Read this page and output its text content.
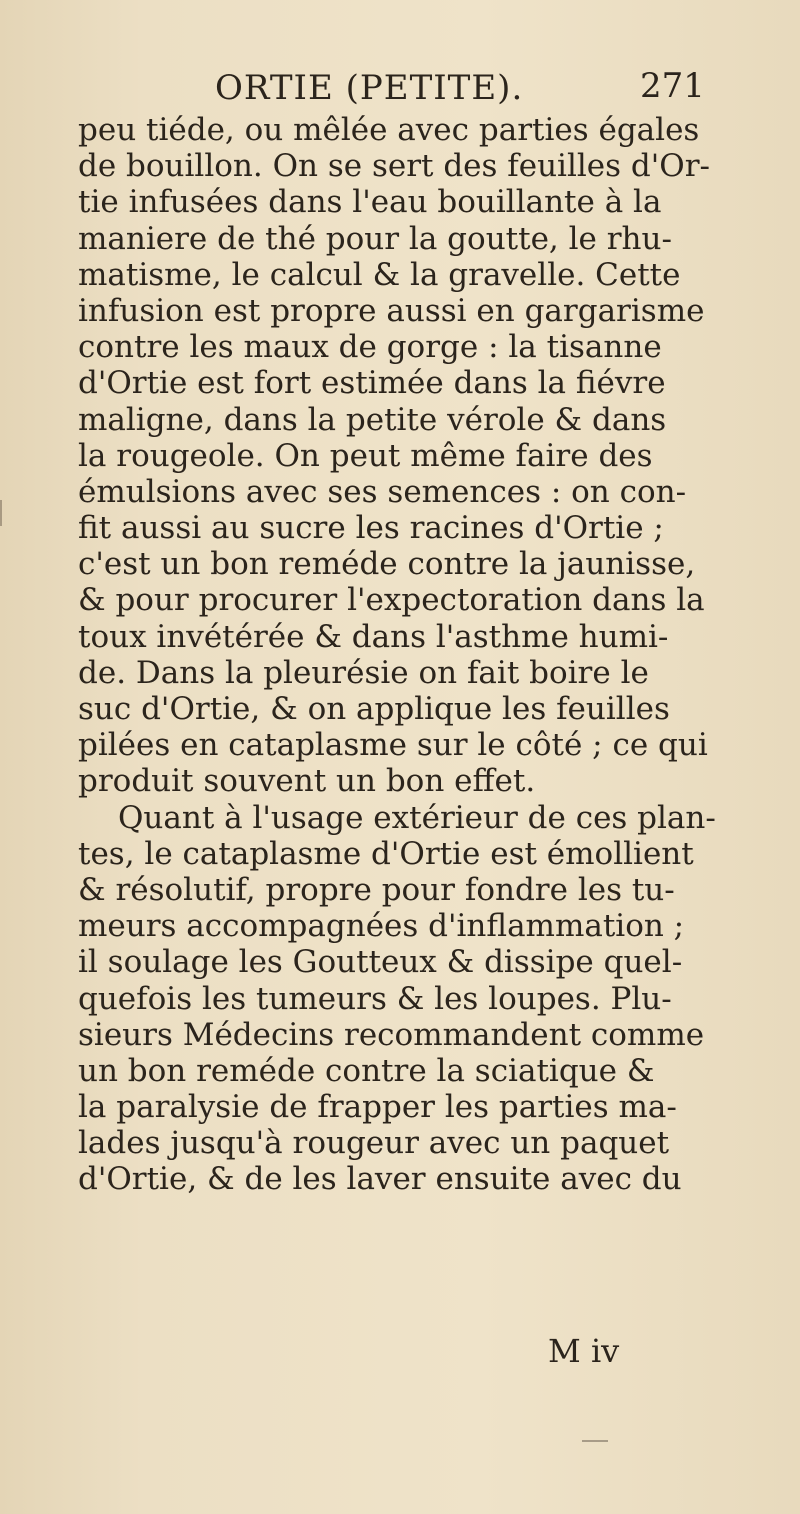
ORTIE (PETITE).	271
peu tiéde, ou mêlée avec parties égales
de bouillon. On se sert des feuilles d'Or-
tie infusées dans l'eau bouillante à la
maniere de thé pour la goutte, le rhu-
matisme, le calcul & la gravelle. Cette
infusion est propre aussi en gargarisme
contre les maux de gorge : la tisanne
d'Ortie est fort estimée dans la fiévre
maligne, dans la petite vérole & dans
la rougeole. On peut même faire des
émulsions avec ses semences : on con-
fit aussi au sucre les racines d'Ortie ;
c'est un bon reméde contre la jaunisse,
& pour procurer l'expectoration dans la
toux invétérée & dans l'asthme humi-
de. Dans la pleurésie on fait boire le
suc d'Ortie, & on applique les feuilles
pilées en cataplasme sur le côté ; ce qui
produit souvent un bon effet.
Quant à l'usage extérieur de ces plan-
tes, le cataplasme d'Ortie est émollient
& résolutif, propre pour fondre les tu-
meurs accompagnées d'inflammation ;
il soulage les Goutteux & dissipe quel-
quefois les tumeurs & les loupes. Plu-
sieurs Médecins recommandent comme
un bon reméde contre la sciatique &
la paralysie de frapper les parties ma-
lades jusqu'à rougeur avec un paquet
d'Ortie, & de les laver ensuite avec du
M iv
